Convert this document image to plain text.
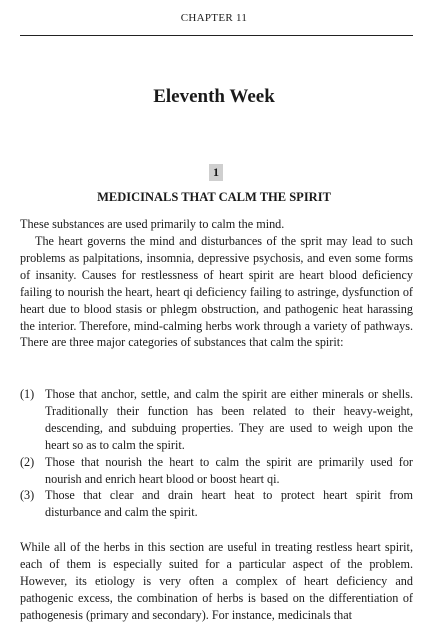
CHAPTER 11
Eleventh Week
1
MEDICINALS THAT CALM THE SPIRIT

These substances are used primarily to calm the mind.

The heart governs the mind and disturbances of the sprit may lead to such problems as palpitations, insomnia, depressive psychosis, and even some forms of insanity. Causes for restlessness of heart spirit are heart blood deficiency failing to nourish the heart, heart qi deficiency failing to astringe, dysfunction of heart due to blood stasis or phlegm obstruction, and pathogenic heat harassing the interior. Therefore, mind-calming herbs work through a variety of pathways. There are three major categories of substances that calm the spirit:

(1) Those that anchor, settle, and calm the spirit are either minerals or shells. Traditionally their function has been related to their heavy-weight, descending, and subduing properties. They are used to weigh upon the heart so as to calm the spirit.
(2) Those that nourish the heart to calm the spirit are primarily used for nourish and enrich heart blood or boost heart qi.
(3) Those that clear and drain heart heat to protect heart spirit from disturbance and calm the spirit.

While all of the herbs in this section are useful in treating restless heart spirit, each of them is especially suited for a particular aspect of the problem. However, its etiology is very often a complex of heart deficiency and pathogenic excess, the combination of herbs is based on the differentiation of pathogenesis (primary and secondary). For instance, medicinals that
